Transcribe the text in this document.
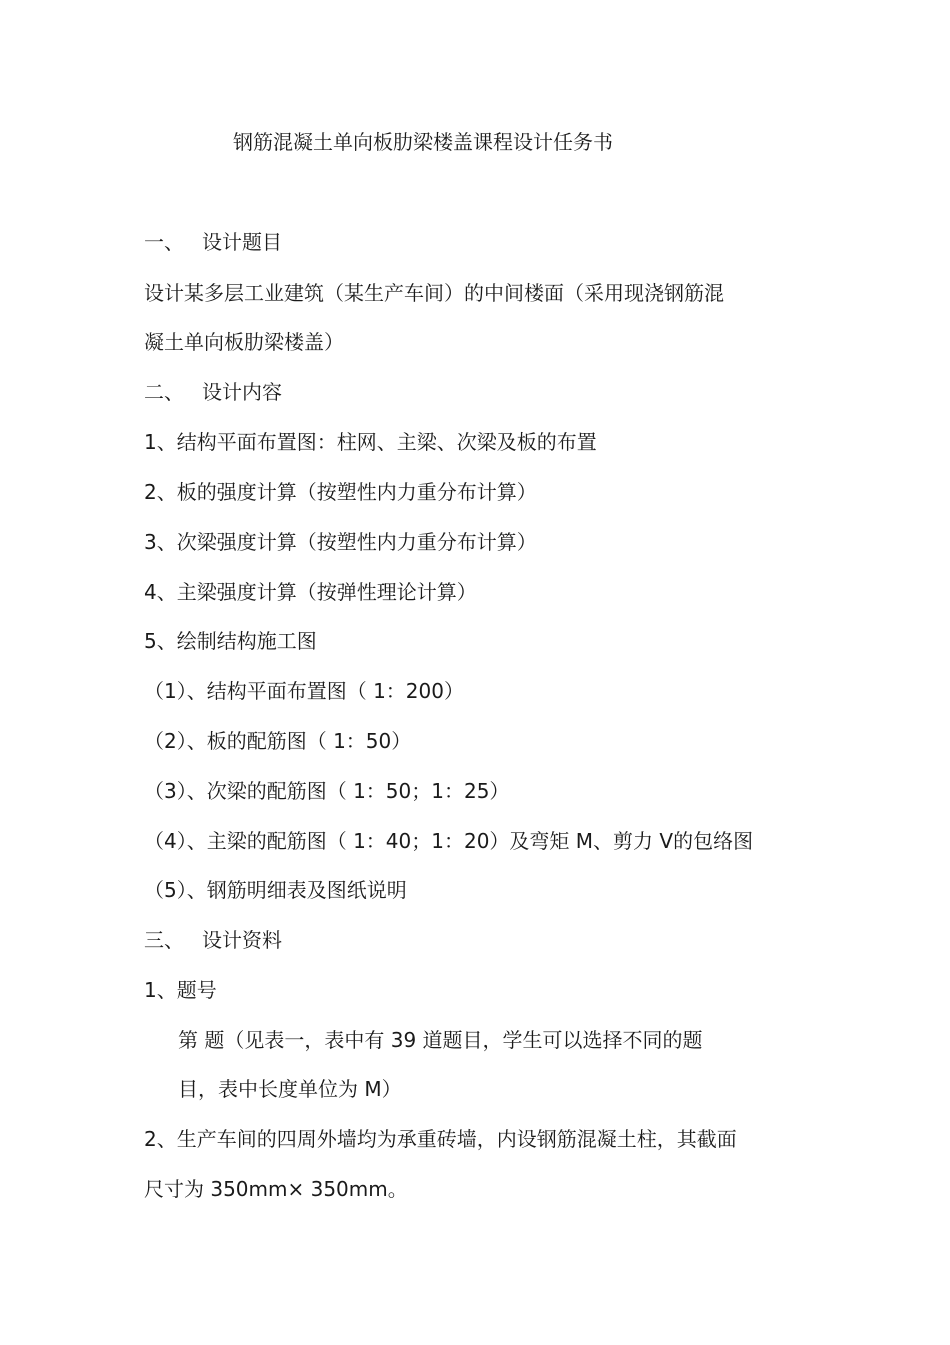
钢筋混凝土单向板肋梁楼盖课程设计任务书
一、 设计题目
设计某多层工业建筑（某生产车间）的中间楼面（采用现浇钢筋混
凝土单向板肋梁楼盖）
二、 设计内容
1、结构平面布置图：柱网、主梁、次梁及板的布置
2、板的强度计算（按塑性内力重分布计算）
3、次梁强度计算（按塑性内力重分布计算）
4、主梁强度计算（按弹性理论计算）
5、绘制结构施工图
（1）、结构平面布置图（ 1：200）
（2）、板的配筋图（ 1：50）
（3）、次梁的配筋图（ 1：50；1：25）
（4）、主梁的配筋图（ 1：40；1：20）及弯矩 M、剪力 V的包络图
（5）、钢筋明细表及图纸说明
三、 设计资料
1、题号
第 题（见表一，表中有 39 道题目，学生可以选择不同的题
目，表中长度单位为 M）
2、生产车间的四周外墙均为承重砖墙，内设钢筋混凝土柱，其截面
尺寸为 350mm× 350mm。
